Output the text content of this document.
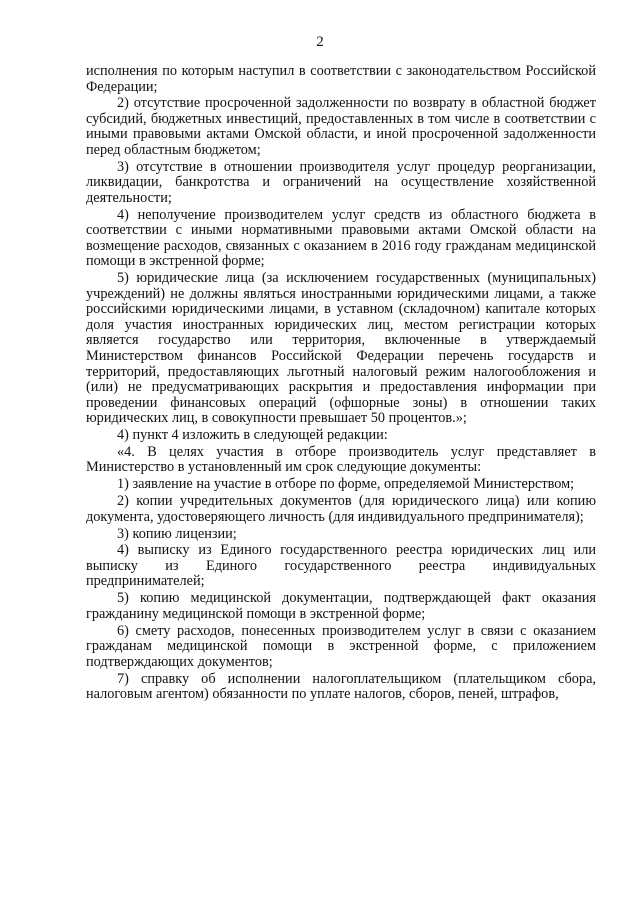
2

исполнения по которым наступил в соответствии с законодательством Российской Федерации;

2) отсутствие просроченной задолженности по возврату в областной бюджет субсидий, бюджетных инвестиций, предоставленных в том числе в соответствии с иными правовыми актами Омской области, и иной просроченной задолженности перед областным бюджетом;

3) отсутствие в отношении производителя услуг процедур реорганизации, ликвидации, банкротства и ограничений на осуществление хозяйственной деятельности;

4) неполучение производителем услуг средств из областного бюджета в соответствии с иными нормативными правовыми актами Омской области на возмещение расходов, связанных с оказанием в 2016 году гражданам медицинской помощи в экстренной форме;

5) юридические лица (за исключением государственных (муниципальных) учреждений) не должны являться иностранными юридическими лицами, а также российскими юридическими лицами, в уставном (складочном) капитале которых доля участия иностранных юридических лиц, местом регистрации которых является государство или территория, включенные в утверждаемый Министерством финансов Российской Федерации перечень государств и территорий, предоставляющих льготный налоговый режим налогообложения и (или) не предусматривающих раскрытия и предоставления информации при проведении финансовых операций (офшорные зоны) в отношении таких юридических лиц, в совокупности превышает 50 процентов.»;

4) пункт 4 изложить в следующей редакции:

«4. В целях участия в отборе производитель услуг представляет в Министерство в установленный им срок следующие документы:

1) заявление на участие в отборе по форме, определяемой Министерством;

2) копии учредительных документов (для юридического лица) или копию документа, удостоверяющего личность (для индивидуального предпринимателя);

3) копию лицензии;

4) выписку из Единого государственного реестра юридических лиц или выписку из Единого государственного реестра индивидуальных предпринимателей;

5) копию медицинской документации, подтверждающей факт оказания гражданину медицинской помощи в экстренной форме;

6) смету расходов, понесенных производителем услуг в связи с оказанием гражданам медицинской помощи в экстренной форме, с приложением подтверждающих документов;

7) справку об исполнении налогоплательщиком (плательщиком сбора, налоговым агентом) обязанности по уплате налогов, сборов, пеней, штрафов,
